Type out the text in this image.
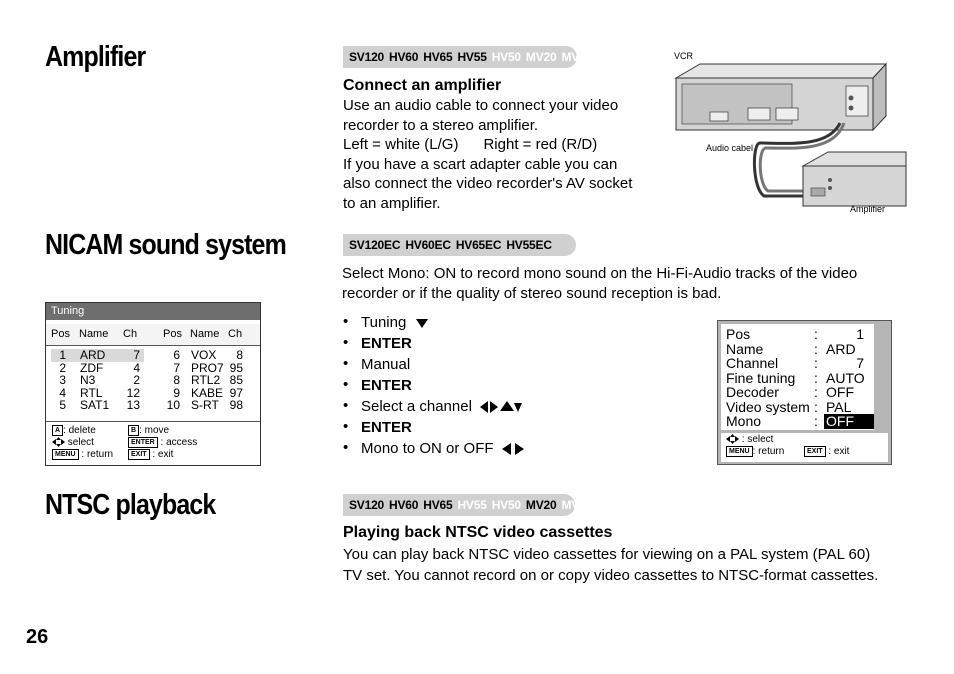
Amplifier
NICAM sound system
NTSC playback
SV120 HV60 HV65 HV55 HV50 MV20 MV15
SV120EC HV60EC HV65EC HV55EC
SV120 HV60 HV65 HV55 HV50 MV20 MV15
Connect an amplifier
Use an audio cable to connect your video
recorder to a stereo amplifier.
Left = white (L/G)      Right = red (R/D)
If you have a scart adapter cable you can
also connect the video recorder's AV socket
to an amplifier.
VCR
Audio cabel
Amplifier
Select Mono: ON to record mono sound on the Hi-Fi-Audio tracks of the video
recorder or if the quality of stereo sound reception is bad.
• Tuning
• ENTER
• Manual
• ENTER
• Select a channel
• ENTER
• Mono to ON or OFF
Tuning
Pos Name Ch Pos Name Ch
1 ARD 7	6 VOX 8
2 ZDF 4	7 PRO7 95
3 N3	2	8 RTL2 85
4 RTL 12	9 KABE 97
5 SAT1 13 10 S-RT 98
A : delete	B : move
select	ENTER : access
MENU : return	EXIT : exit
Pos	:	1
Name	:	ARD
Channel	:	7
Fine tuning	:	AUTO
Decoder	:	OFF
Video system	:	PAL
Mono	:	OFF
: select
MENU : return	EXIT : exit
Playing back NTSC video cassettes
You can play back NTSC video cassettes for viewing on a PAL system (PAL 60)
TV set. You cannot record on or copy video cassettes to NTSC-format cassettes.
26
